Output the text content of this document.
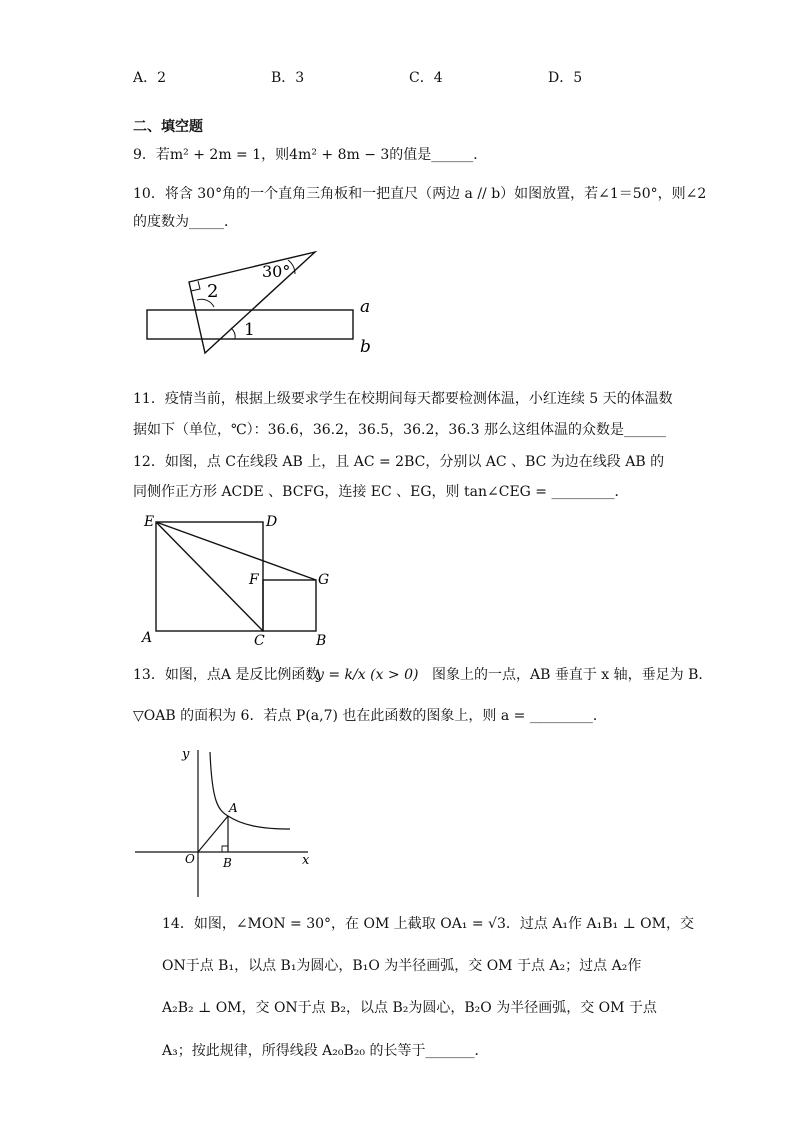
A．2	B．3	C．4	D．5
二、填空题
9．若m² + 2m = 1，则4m² + 8m − 3的值是______．
10．将含 30°角的一个直角三角板和一把直尺（两边 a // b）如图放置，若∠1＝50°，则∠2
的度数为_____．
30°
2
1
a
b
11．疫情当前，根据上级要求学生在校期间每天都要检测体温，小红连续 5 天的体温数
据如下（单位，℃）：36.6，36.2，36.5，36.2，36.3 那么这组体温的众数是______
12．如图，点 C在线段 AB 上，且 AC = 2BC，分别以 AC 、BC 为边在线段 AB 的
同侧作正方形 ACDE 、BCFG，连接 EC 、EG，则 tan∠CEG = _________．
E	D
F	G
A	C	B
13．如图，点A 是反比例函数
y = k/x (x > 0) 图象上的一点，AB 垂直于 x 轴，垂足为 B．
▽OAB 的面积为 6．若点 P(a,7) 也在此函数的图象上，则 a = _________．
y
x
A
O B
14．如图，∠MON = 30°，在 OM 上截取 OA₁ = √3．过点 A₁作 A₁B₁ ⊥ OM，交
ON于点 B₁，以点 B₁为圆心，B₁O 为半径画弧，交 OM 于点 A₂；过点 A₂作
A₂B₂ ⊥ OM，交 ON于点 B₂，以点 B₂为圆心，B₂O 为半径画弧，交 OM 于点
A₃；按此规律，所得线段 A₂₀B₂₀ 的长等于_______．
